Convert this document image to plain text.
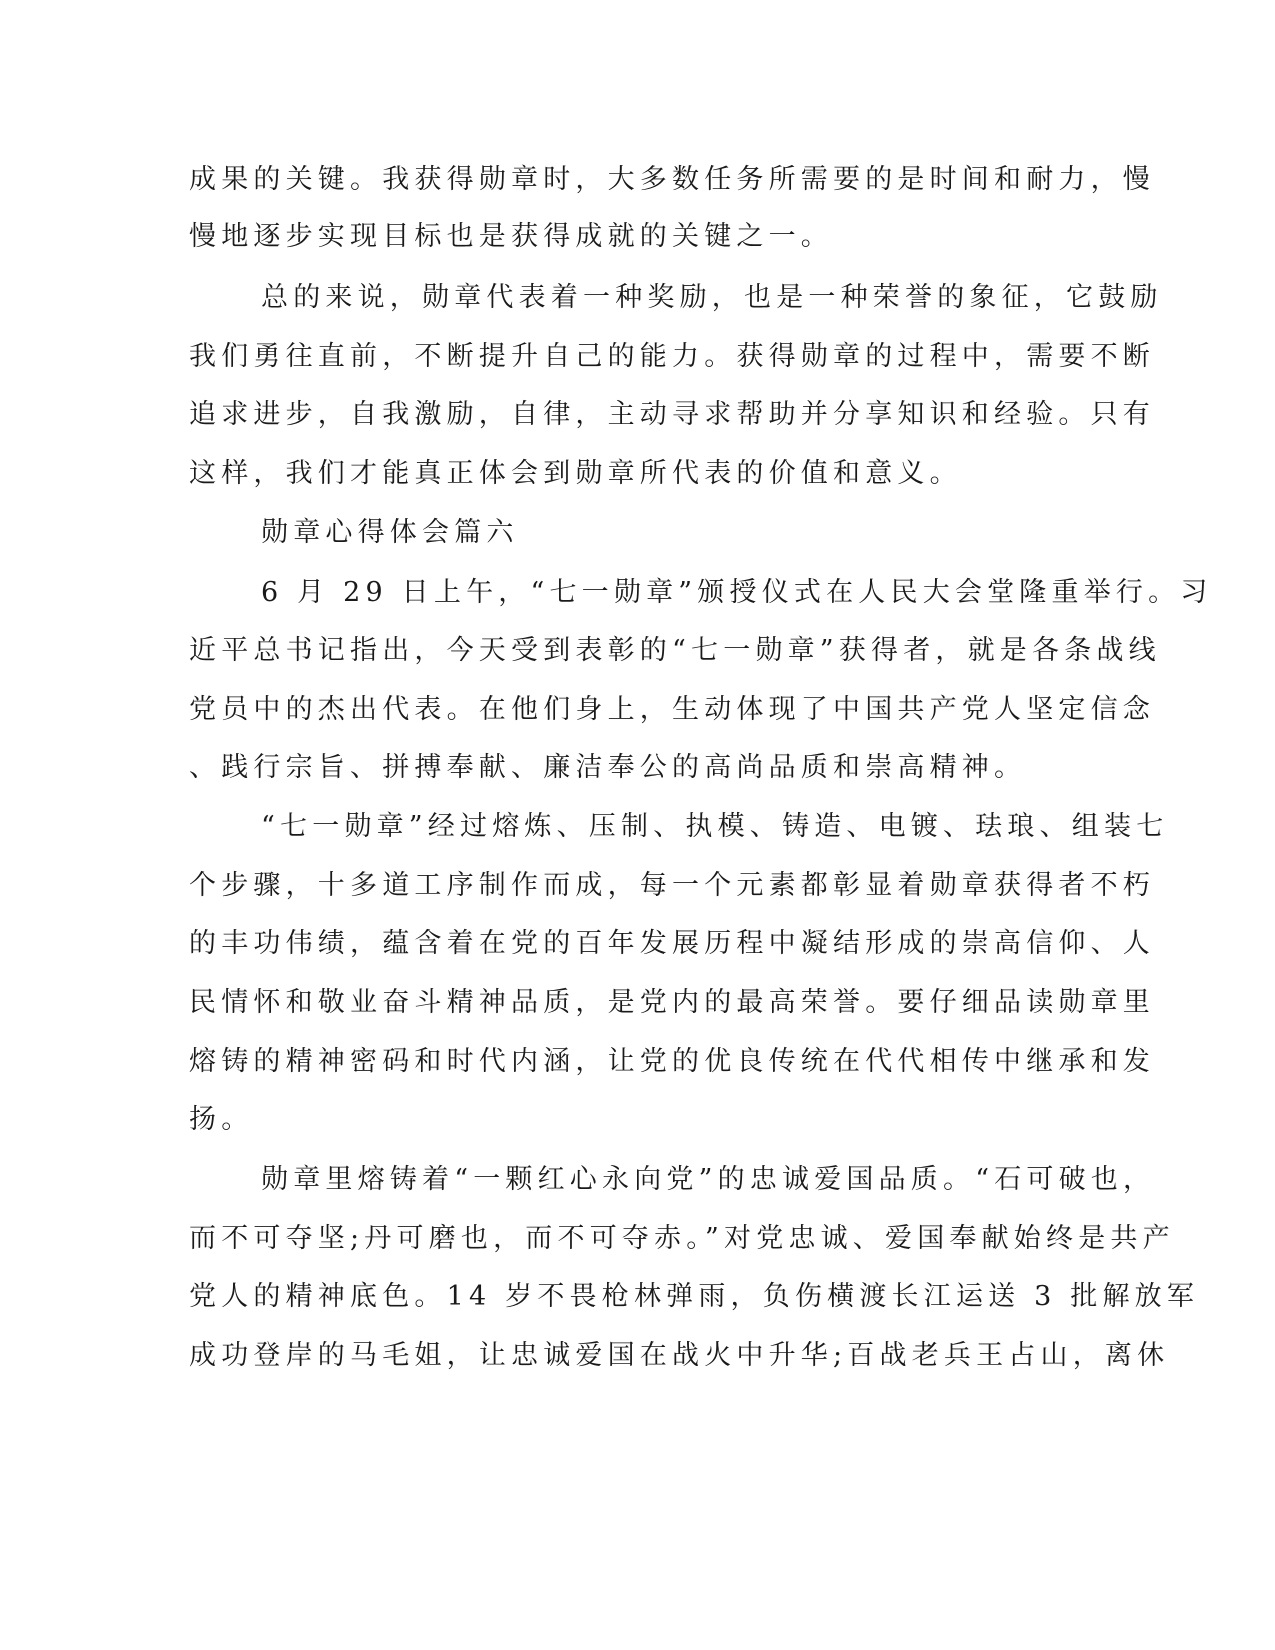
成果的关键。我获得勋章时，大多数任务所需要的是时间和耐力，慢
慢地逐步实现目标也是获得成就的关键之一。
总的来说，勋章代表着一种奖励，也是一种荣誉的象征，它鼓励
我们勇往直前，不断提升自己的能力。获得勋章的过程中，需要不断
追求进步，自我激励，自律，主动寻求帮助并分享知识和经验。只有
这样，我们才能真正体会到勋章所代表的价值和意义。
勋章心得体会篇六
6 月 29 日上午，“七一勋章”颁授仪式在人民大会堂隆重举行。习
近平总书记指出，今天受到表彰的“七一勋章”获得者，就是各条战线
党员中的杰出代表。在他们身上，生动体现了中国共产党人坚定信念
、践行宗旨、拼搏奉献、廉洁奉公的高尚品质和崇高精神。
“七一勋章”经过熔炼、压制、执模、铸造、电镀、珐琅、组装七
个步骤，十多道工序制作而成，每一个元素都彰显着勋章获得者不朽
的丰功伟绩，蕴含着在党的百年发展历程中凝结形成的崇高信仰、人
民情怀和敬业奋斗精神品质，是党内的最高荣誉。要仔细品读勋章里
熔铸的精神密码和时代内涵，让党的优良传统在代代相传中继承和发
扬。
勋章里熔铸着“一颗红心永向党”的忠诚爱国品质。“石可破也，
而不可夺坚;丹可磨也，而不可夺赤。”对党忠诚、爱国奉献始终是共产
党人的精神底色。14 岁不畏枪林弹雨，负伤横渡长江运送 3 批解放军
成功登岸的马毛姐，让忠诚爱国在战火中升华;百战老兵王占山，离休
